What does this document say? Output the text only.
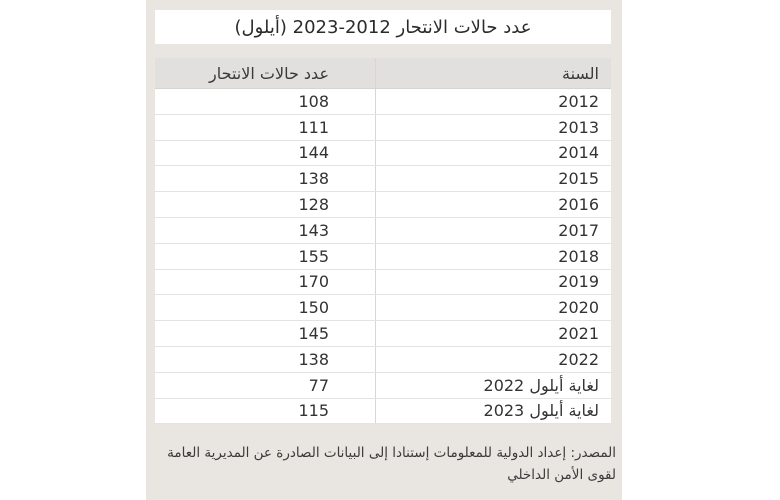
عدد حالات الانتحار 2012-2023 (أيلول)
السنة
عدد حالات الانتحار
2012
108
2013
111
2014
144
2015
138
2016
128
2017
143
2018
155
2019
170
2020
150
2021
145
2022
138
لغاية أيلول 2022
77
لغاية أيلول 2023
115
المصدر: إعداد الدولية للمعلومات إستنادا إلى البيانات الصادرة عن المديرية العامة لقوى الأمن الداخلي
